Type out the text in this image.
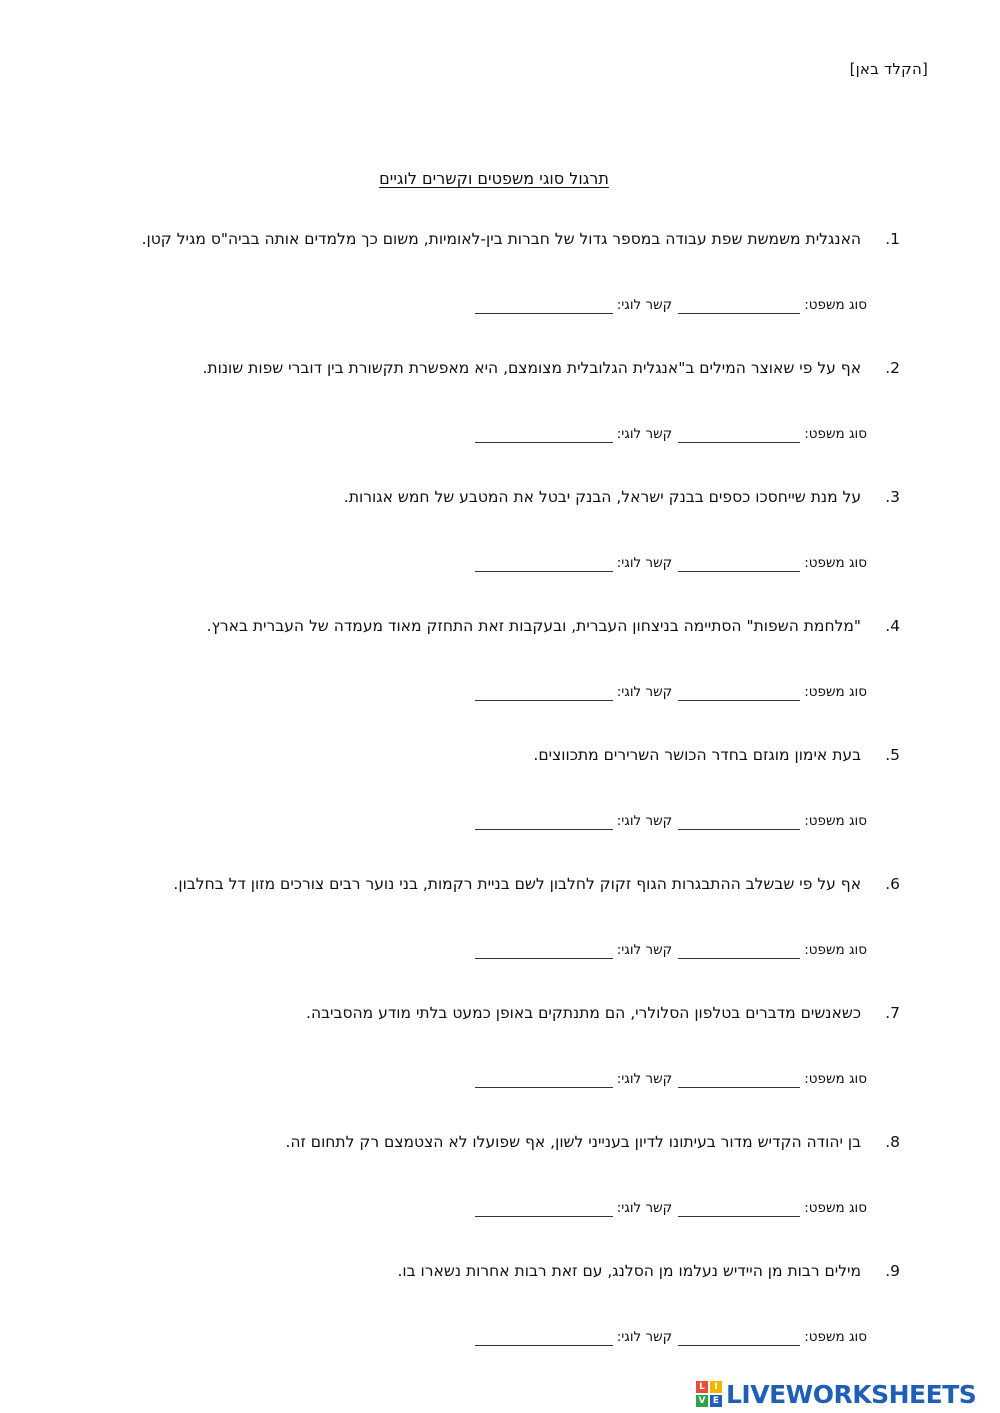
[הקלד באן]
תרגול סוגי משפטים וקשרים לוגיים
1. האנגלית משמשת שפת עבודה במספר גדול של חברות בין-לאומיות, משום כך מלמדים אותה בביה"ס מגיל קטן.
סוג משפט:
קשר לוגי:
2. אף על פי שאוצר המילים ב"אנגלית הגלובלית מצומצם, היא מאפשרת תקשורת בין דוברי שפות שונות.
סוג משפט:
קשר לוגי:
3. על מנת שייחסכו כספים בבנק ישראל, הבנק יבטל את המטבע של חמש אגורות.
סוג משפט:
קשר לוגי:
4. "מלחמת השפות" הסתיימה בניצחון העברית, ובעקבות זאת התחזק מאוד מעמדה של העברית בארץ.
סוג משפט:
קשר לוגי:
5. בעת אימון מוגזם בחדר הכושר השרירים מתכווצים.
סוג משפט:
קשר לוגי:
6. אף על פי שבשלב ההתבגרות הגוף זקוק לחלבון לשם בניית רקמות, בני נוער רבים צורכים מזון דל בחלבון.
סוג משפט:
קשר לוגי:
7. כשאנשים מדברים בטלפון הסלולרי, הם מתנתקים באופן כמעט בלתי מודע מהסביבה.
סוג משפט:
קשר לוגי:
8. בן יהודה הקדיש מדור בעיתונו לדיון בענייני לשון, אף שפועלו לא הצטמצם רק לתחום זה.
סוג משפט:
קשר לוגי:
9. מילים רבות מן היידיש נעלמו מן הסלנג, עם זאת רבות אחרות נשארו בו.
סוג משפט:
קשר לוגי:
L	I
V E LIVEWORKSHEETS
